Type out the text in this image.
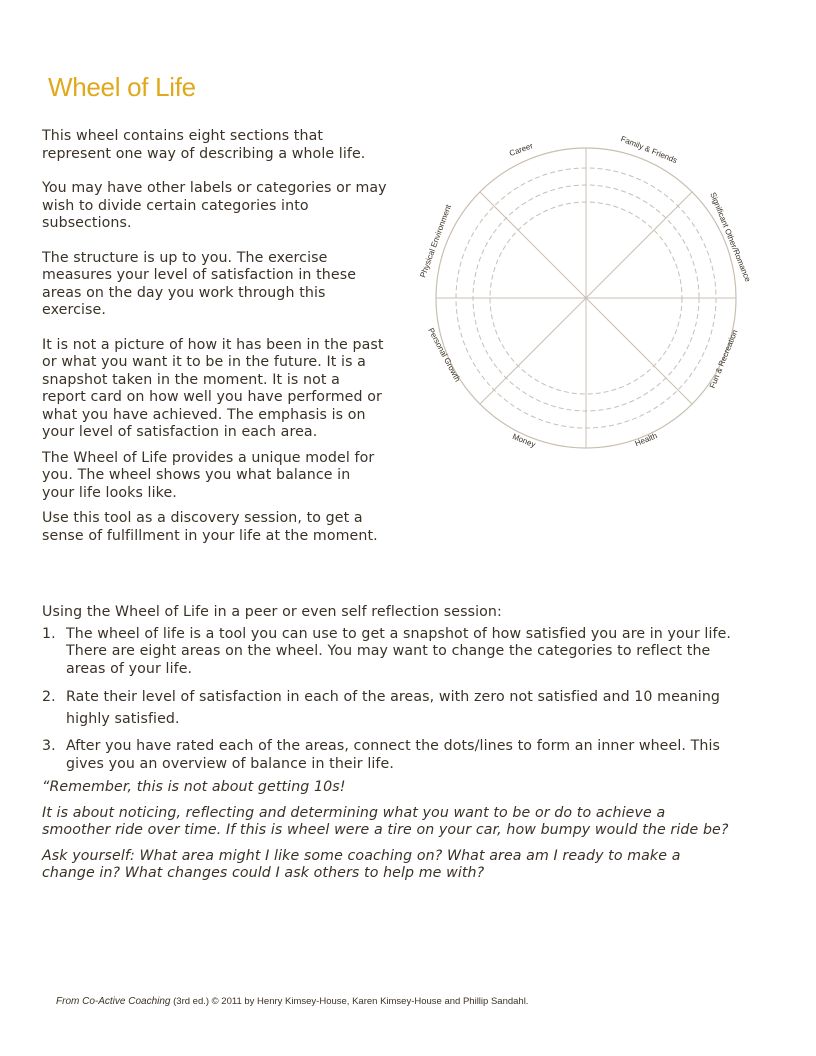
Wheel of Life

This wheel contains eight sections that represent one way of describing a whole life.

You may have other labels or categories or may wish to divide certain categories into subsections.

The structure is up to you. The exercise measures your level of satisfaction in these areas on the day you work through this exercise.

It is not a picture of how it has been in the past or what you want it to be in the future. It is a snapshot taken in the moment. It is not a report card on how well you have performed or what you have achieved. The emphasis is on your level of satisfaction in each area.

The Wheel of Life provides a unique model for you. The wheel shows you what balance in your life looks like.

Use this tool as a discovery session, to get a sense of fulfillment in your life at the moment.

Career	Family & Friends
Significant Other/Romance
Fun & Recreation
Health
Money
Personal Growth
Physical Environment

Using the Wheel of Life in a peer or even self reflection session:

1. The wheel of life is a tool you can use to get a snapshot of how satisfied you are in your life. There are eight areas on the wheel. You may want to change the categories to reflect the areas of your life.
2. Rate their level of satisfaction in each of the areas, with zero not satisfied and 10 meaning highly satisfied.
3. After you have rated each of the areas, connect the dots/lines to form an inner wheel. This gives you an overview of balance in their life.

“Remember, this is not about getting 10s!

It is about noticing, reflecting and determining what you want to be or do to achieve a smoother ride over time. If this is wheel were a tire on your car, how bumpy would the ride be?

Ask yourself: What area might I like some coaching on? What area am I ready to make a change in? What changes could I ask others to help me with?

From Co-Active Coaching (3rd ed.) © 2011 by Henry Kimsey-House, Karen Kimsey-House and Phillip Sandahl.
